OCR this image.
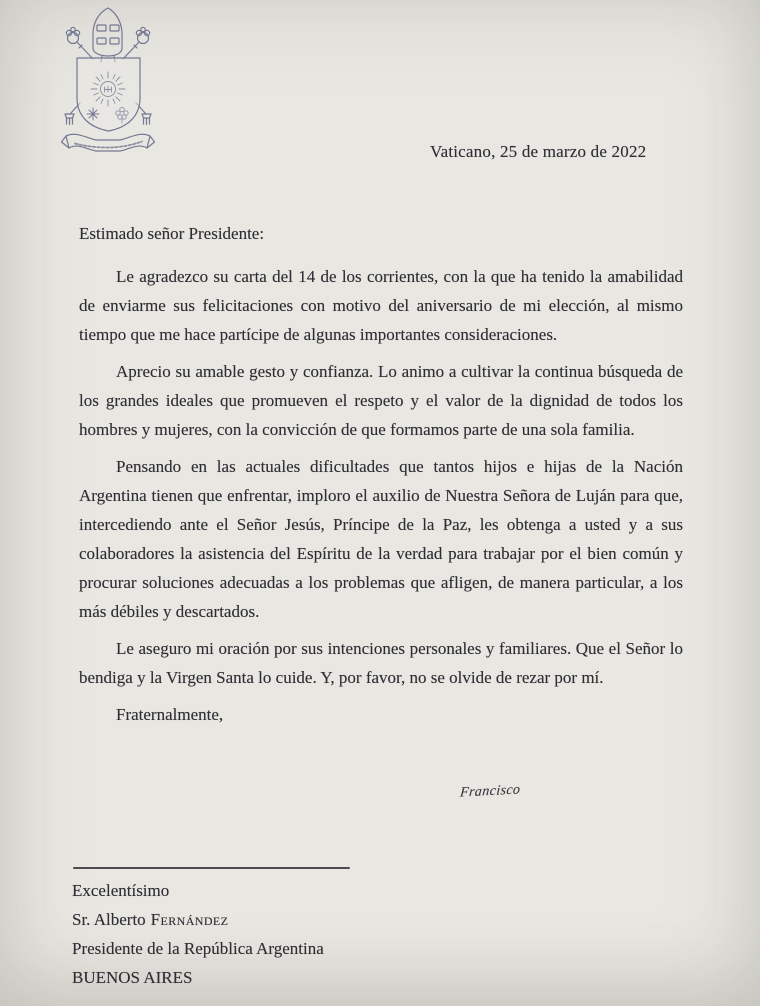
Vaticano, 25 de marzo de 2022

Estimado señor Presidente:

Le agradezco su carta del 14 de los corrientes, con la que ha tenido la amabilidad de enviarme sus felicitaciones con motivo del aniversario de mi elección, al mismo tiempo que me hace partícipe de algunas importantes consideraciones.

Aprecio su amable gesto y confianza. Lo animo a cultivar la continua búsqueda de los grandes ideales que promueven el respeto y el valor de la dignidad de todos los hombres y mujeres, con la convicción de que formamos parte de una sola familia.

Pensando en las actuales dificultades que tantos hijos e hijas de la Nación Argentina tienen que enfrentar, imploro el auxilio de Nuestra Señora de Luján para que, intercediendo ante el Señor Jesús, Príncipe de la Paz, les obtenga a usted y a sus colaboradores la asistencia del Espíritu de la verdad para trabajar por el bien común y procurar soluciones adecuadas a los problemas que afligen, de manera particular, a los más débiles y descartados.

Le aseguro mi oración por sus intenciones personales y familiares. Que el Señor lo bendiga y la Virgen Santa lo cuide. Y, por favor, no se olvide de rezar por mí.

Fraternalmente,

Francisco
Excelentísimo
Sr. Alberto Fernández
Presidente de la República Argentina
BUENOS AIRES
